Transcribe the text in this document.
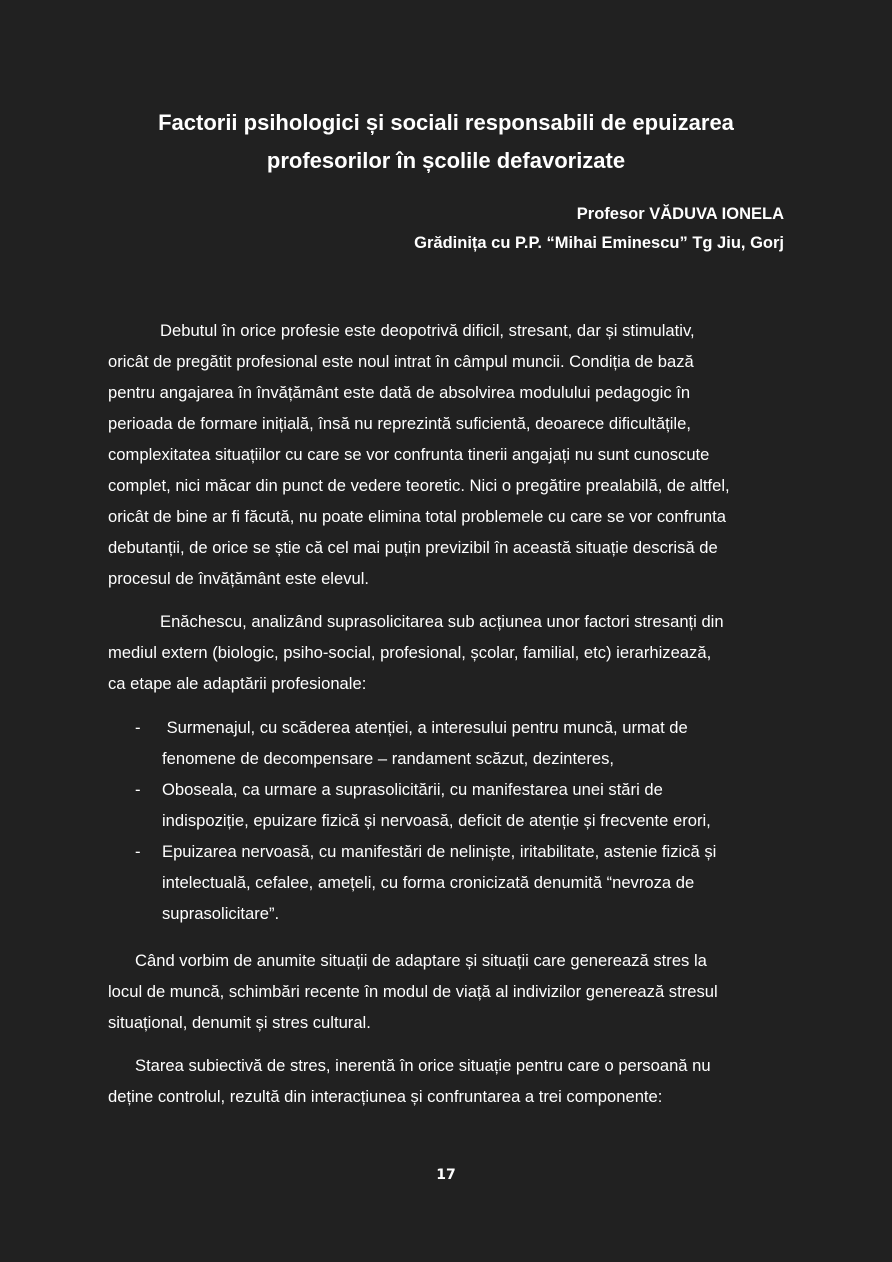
Factorii psihologici și sociali responsabili de epuizarea
profesorilor în școlile defavorizate
Profesor VĂDUVA IONELA
Grădinița cu P.P. “Mihai Eminescu” Tg Jiu, Gorj
Debutul în orice profesie este deopotrivă dificil, stresant, dar și stimulativ,
oricât de pregătit profesional este noul intrat în câmpul muncii. Condiția de bază
pentru angajarea în învățământ este dată de absolvirea modulului pedagogic în
perioada de formare inițială, însă nu reprezintă suficientă, deoarece dificultățile,
complexitatea situațiilor cu care se vor confrunta tinerii angajați nu sunt cunoscute
complet, nici măcar din punct de vedere teoretic. Nici o pregătire prealabilă, de altfel,
oricât de bine ar fi făcută, nu poate elimina total problemele cu care se vor confrunta
debutanții, de orice se știe că cel mai puțin previzibil în această situație descrisă de
procesul de învățământ este elevul.
Enăchescu, analizând suprasolicitarea sub acțiunea unor factori stresanți din
mediul extern (biologic, psiho-social, profesional, școlar, familial, etc) ierarhizează,
ca etape ale adaptării profesionale:
- Surmenajul, cu scăderea atenției, a interesului pentru muncă, urmat de
fenomene de decompensare – randament scăzut, dezinteres,
- Oboseala, ca urmare a suprasolicitării, cu manifestarea unei stări de
indispoziție, epuizare fizică și nervoasă, deficit de atenție și frecvente erori,
- Epuizarea nervoasă, cu manifestări de neliniște, iritabilitate, astenie fizică și
intelectuală, cefalee, amețeli, cu forma cronicizată denumită “nevroza de
suprasolicitare”.
Când vorbim de anumite situații de adaptare și situații care generează stres la
locul de muncă, schimbări recente în modul de viață al indivizilor generează stresul
situațional, denumit și stres cultural.
Starea subiectivă de stres, inerentă în orice situație pentru care o persoană nu
deține controlul, rezultă din interacțiunea și confruntarea a trei componente:
17
